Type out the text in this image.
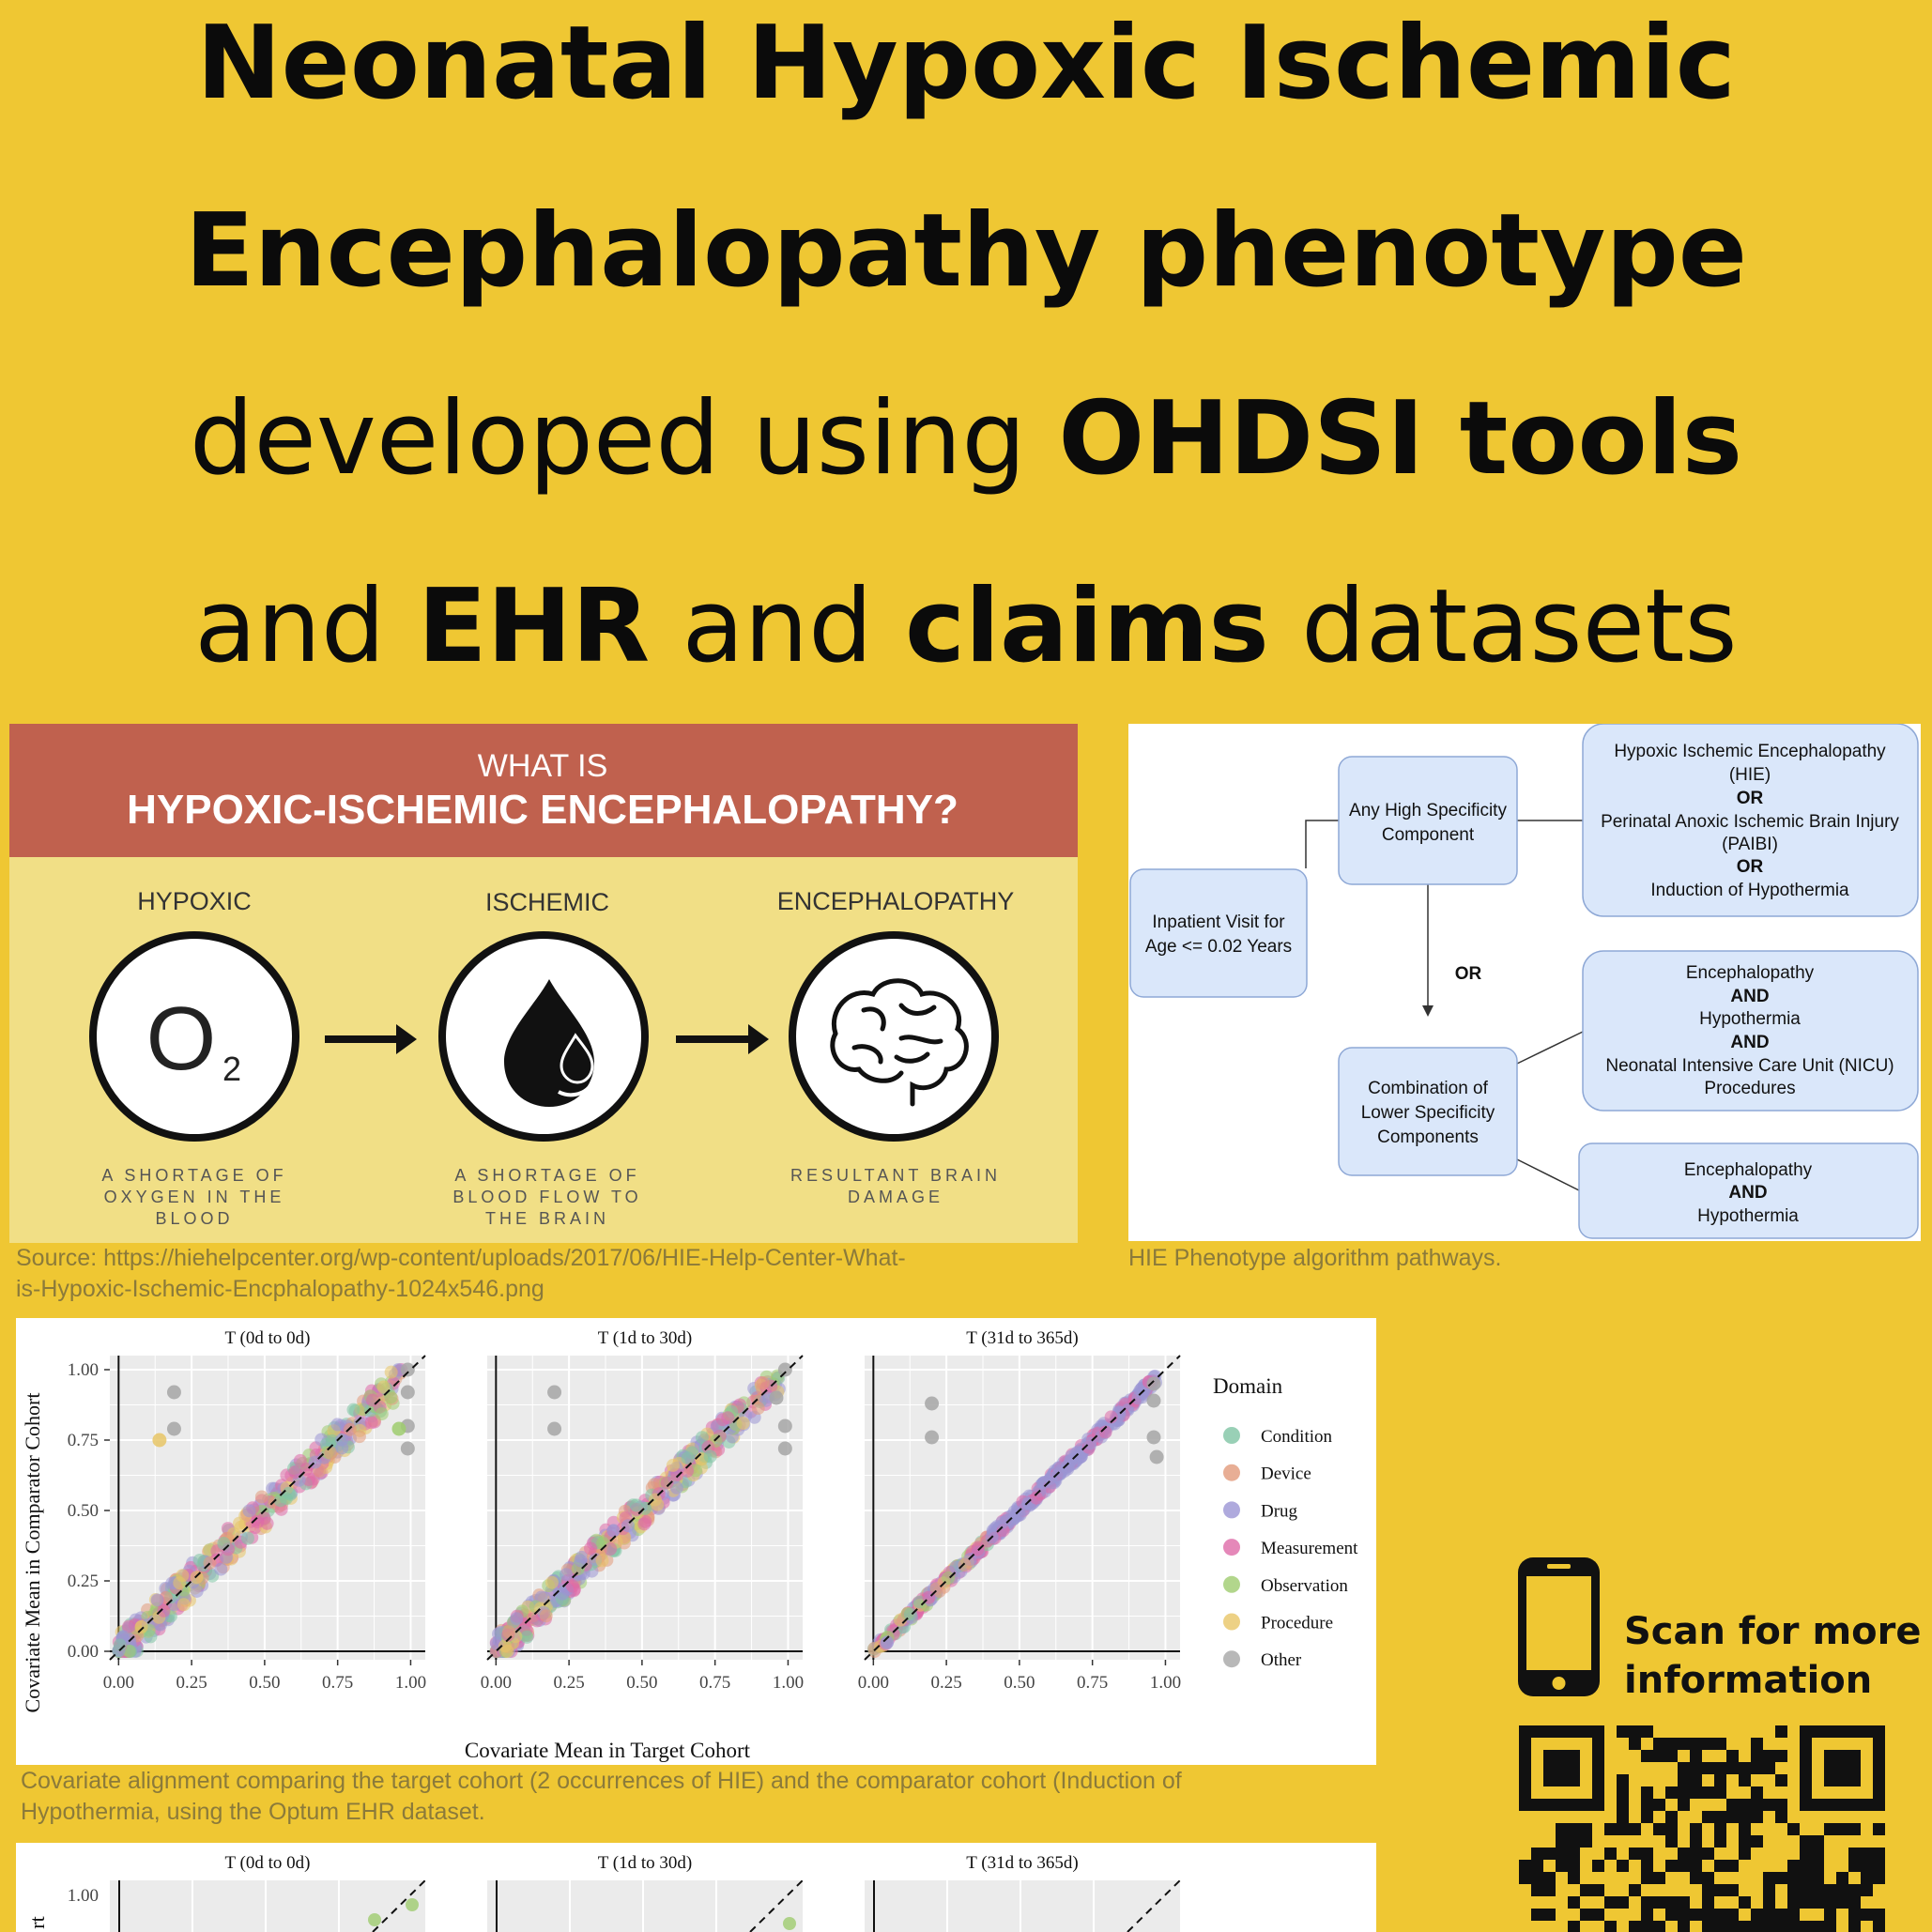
Neonatal Hypoxic Ischemic
Encephalopathy phenotype
developed using OHDSI tools
and EHR and claims datasets
WHAT IS
HYPOXIC-ISCHEMIC ENCEPHALOPATHY?
HYPOXIC	ISCHEMIC	ENCEPHALOPATHY
O 2
A SHORTAGE OF
OXYGEN IN THE
BLOOD
A SHORTAGE OF
BLOOD FLOW TO
THE BRAIN
RESULTANT BRAIN
DAMAGE
Source: https://hiehelpcenter.org/wp-content/uploads/2017/06/HIE-Help-Center-What-
is-Hypoxic-Ischemic-Encphalopathy-1024x546.png
Inpatient Visit for
Age <= 0.02 Years
Any High Specificity
Component
OR
Combination of
Lower Specificity
Components
Hypoxic Ischemic Encephalopathy
(HIE)
OR
Perinatal Anoxic Ischemic Brain Injury
(PAIBI)
OR
Induction of Hypothermia
Encephalopathy
AND
Hypothermia
AND
Neonatal Intensive Care Unit (NICU)
Procedures
Encephalopathy
AND
Hypothermia
HIE Phenotype algorithm pathways.
T (0d to 0d)
0.00 0.25 0.50 0.75 1.00
0.00
0.25
0.50
0.75
1.00
T (1d to 30d)
0.00 0.25 0.50 0.75 1.00
T (31d to 365d)
0.00 0.25 0.50 0.75 1.00
Covariate Mean in Comparator Cohort
Covariate Mean in Target Cohort
Domain
Condition
Device
Drug
Measurement
Observation
Procedure
Other
Covariate alignment comparing the target cohort (2 occurrences of HIE) and the comparator cohort (Induction of
Hypothermia, using the Optum EHR dataset.
T (0d to 0d)
1.00
T (1d to 30d)	T (31d to 365d)
rt
Scan for more
information
